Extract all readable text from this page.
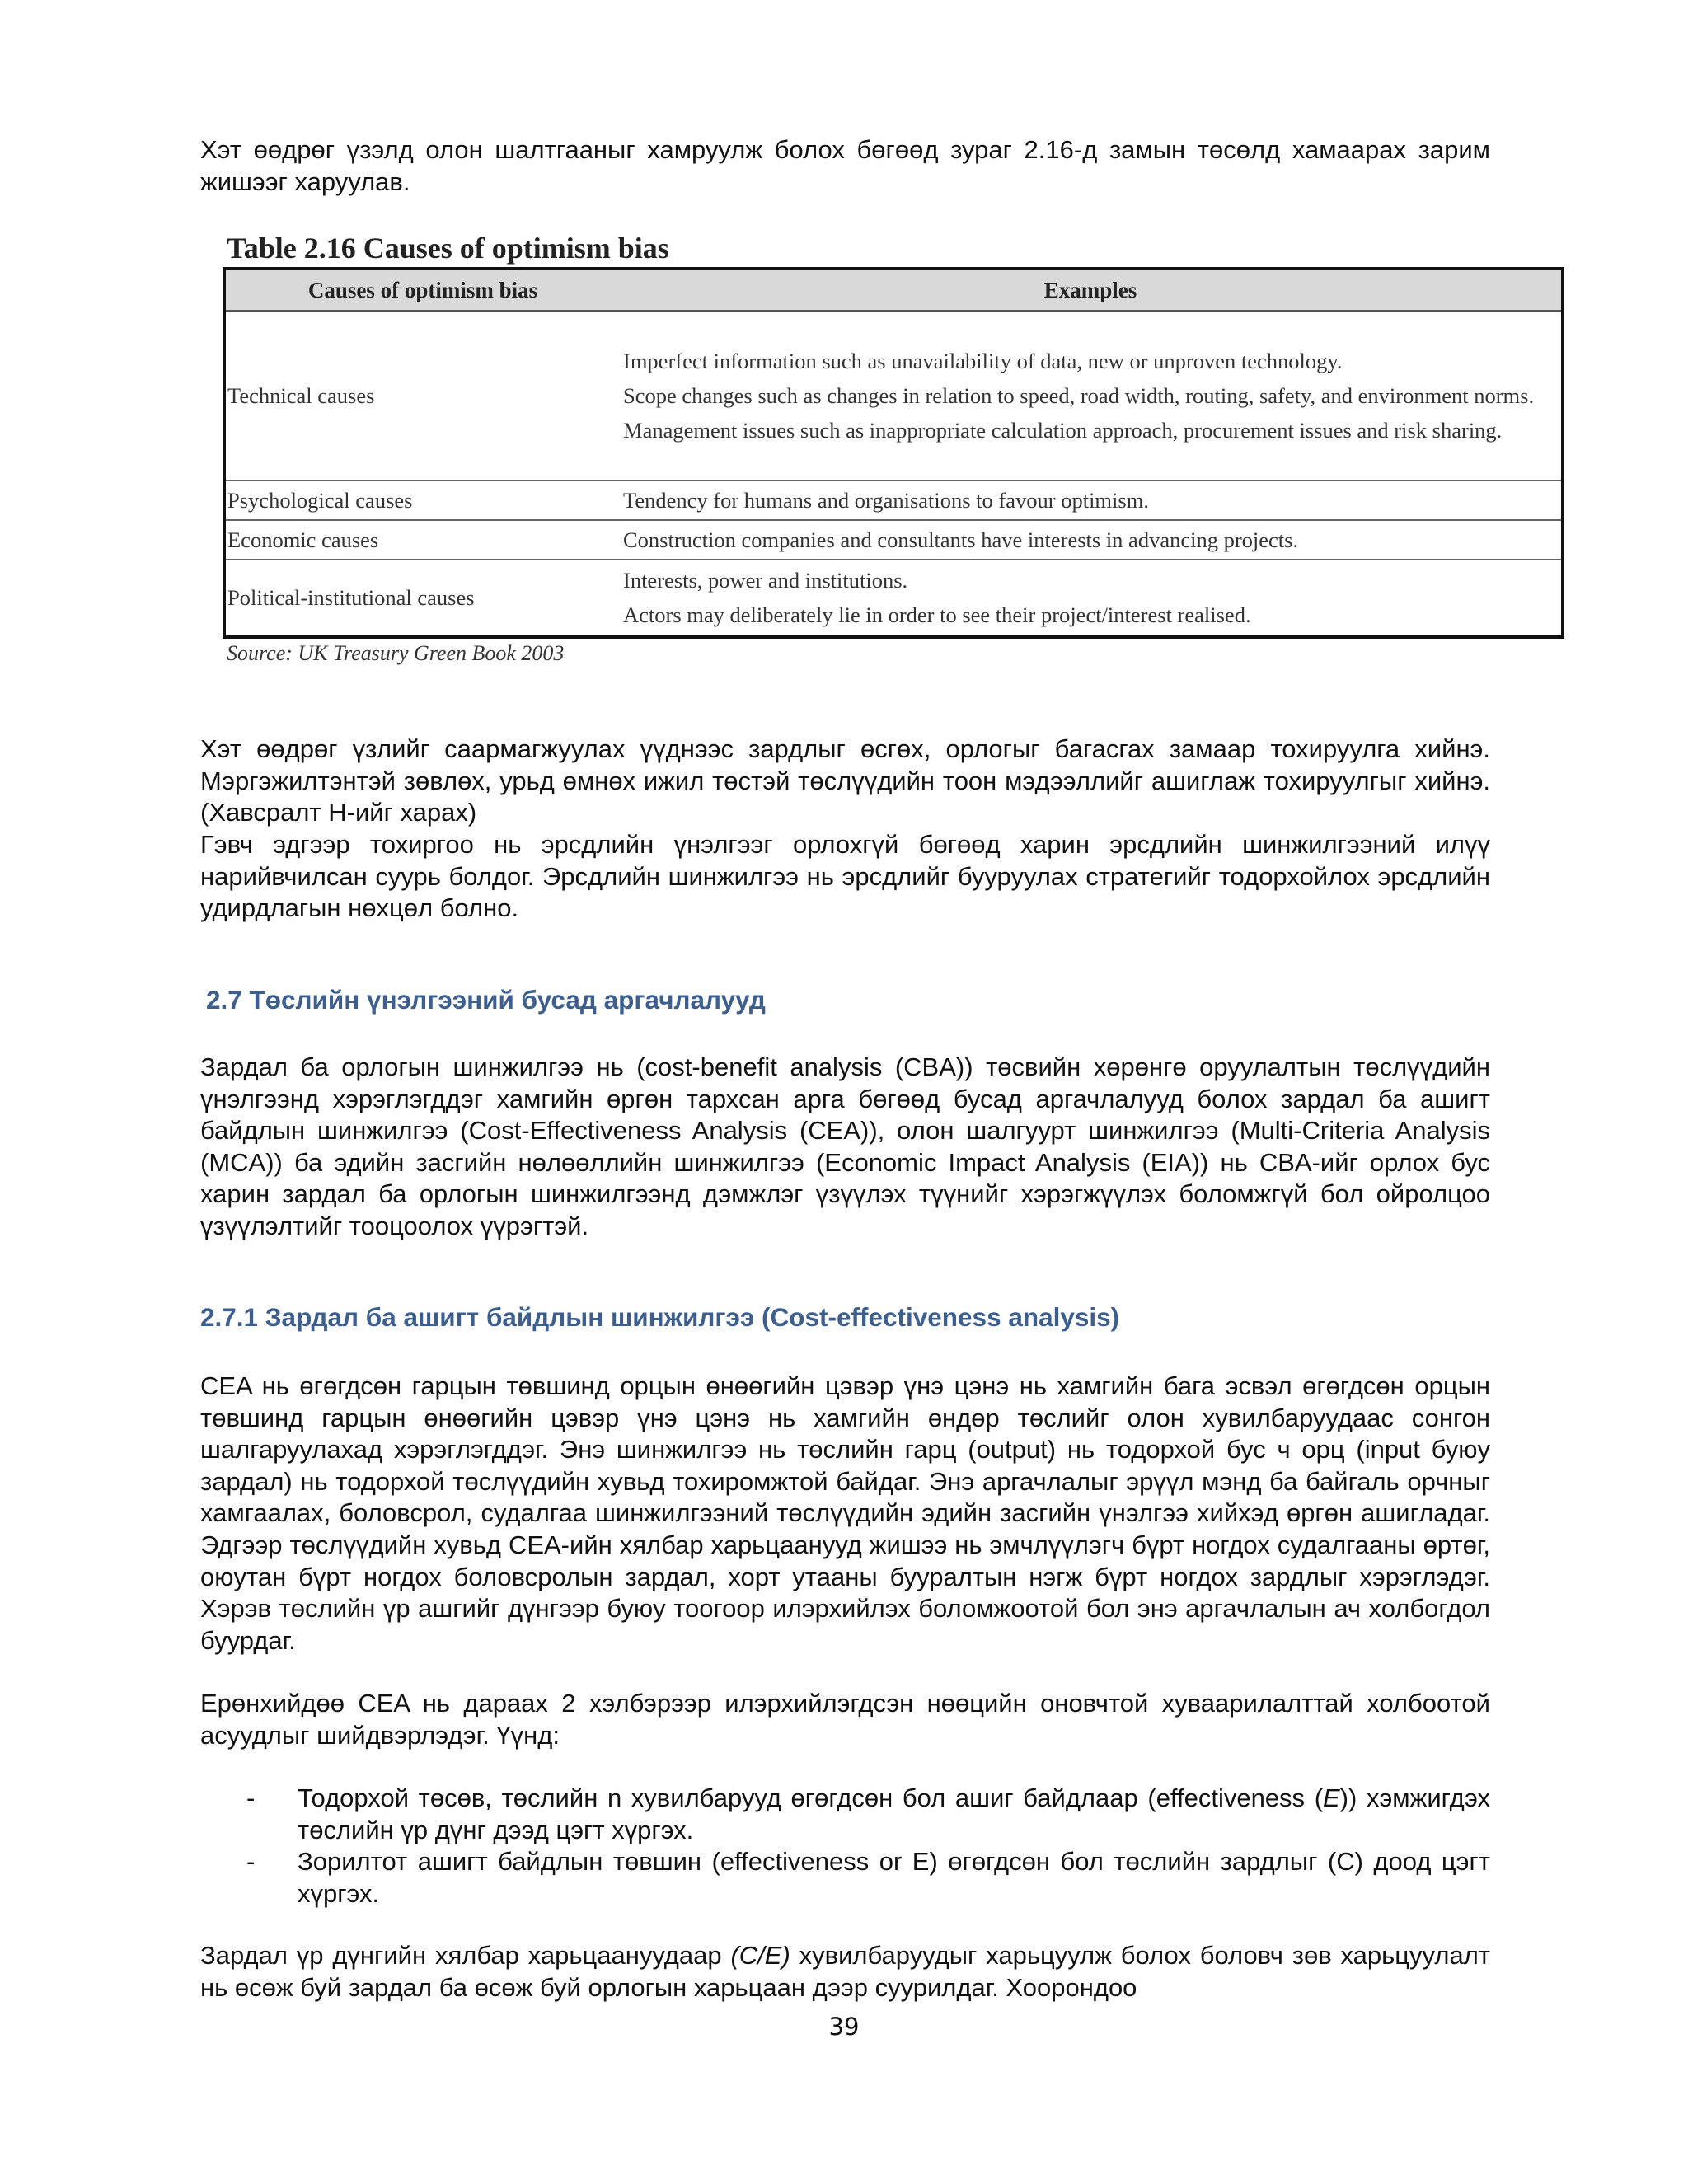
Хэт өөдрөг үзэлд олон шалтгааныг хамруулж болох бөгөөд зураг 2.16-д замын төсөлд хамаарах зарим жишээг харуулав.

Table 2.16 Causes of optimism bias

Causes of optimism bias	Examples
Technical causes	Imperfect information such as unavailability of data, new or unproven technology.

Scope changes such as changes in relation to speed, road width, routing, safety, and environment norms.

Management issues such as inappropriate calculation approach, procurement issues and risk sharing.

Psychological causes	Tendency for humans and organisations to favour optimism.

Economic causes	Construction companies and consultants have interests in advancing projects.

Political-institutional causes	Interests, power and institutions.

Actors may deliberately lie in order to see their project/interest realised.

Source: UK Treasury Green Book 2003

Хэт өөдрөг үзлийг саармагжуулах үүднээс зардлыг өсгөх, орлогыг багасгах замаар тохируулга хийнэ. Мэргэжилтэнтэй зөвлөх, урьд өмнөх ижил төстэй төслүүдийн тоон мэдээллийг ашиглаж тохируулгыг хийнэ. (Хавсралт Н-ийг харах)

Гэвч эдгээр тохиргоо нь эрсдлийн үнэлгээг орлохгүй бөгөөд харин эрсдлийн шинжилгээний илүү нарийвчилсан суурь болдог. Эрсдлийн шинжилгээ нь эрсдлийг бууруулах стратегийг тодорхойлох эрсдлийн удирдлагын нөхцөл болно.

2.7 Төслийн үнэлгээний бусад аргачлалууд

Зардал ба орлогын шинжилгээ нь (cost-benefit analysis (CBA)) төсвийн хөрөнгө оруулалтын төслүүдийн үнэлгээнд хэрэглэгддэг хамгийн өргөн тархсан арга бөгөөд бусад аргачлалууд болох зардал ба ашигт байдлын шинжилгээ (Cost-Effectiveness Analysis (CEA)), олон шалгуурт шинжилгээ (Multi-Criteria Analysis (MCA)) ба эдийн засгийн нөлөөллийн шинжилгээ (Economic Impact Analysis (EIA)) нь CBA-ийг орлох бус харин зардал ба орлогын шинжилгээнд дэмжлэг үзүүлэх түүнийг хэрэгжүүлэх боломжгүй бол ойролцоо үзүүлэлтийг тооцоолох үүрэгтэй.

2.7.1 Зардал ба ашигт байдлын шинжилгээ (Cost-effectiveness analysis)

CEA нь өгөгдсөн гарцын төвшинд орцын өнөөгийн цэвэр үнэ цэнэ нь хамгийн бага эсвэл өгөгдсөн орцын төвшинд гарцын өнөөгийн цэвэр үнэ цэнэ нь хамгийн өндөр төслийг олон хувилбаруудаас сонгон шалгаруулахад хэрэглэгддэг. Энэ шинжилгээ нь төслийн гарц (output) нь тодорхой бус ч орц (input буюу зардал) нь тодорхой төслүүдийн хувьд тохиромжтой байдаг. Энэ аргачлалыг эрүүл мэнд ба байгаль орчныг хамгаалах, боловсрол, судалгаа шинжилгээний төслүүдийн эдийн засгийн үнэлгээ хийхэд өргөн ашигладаг. Эдгээр төслүүдийн хувьд CEA-ийн хялбар харьцаанууд жишээ нь эмчлүүлэгч бүрт ногдох судалгааны өртөг, оюутан бүрт ногдох боловсролын зардал, хорт утааны бууралтын нэгж бүрт ногдох зардлыг хэрэглэдэг. Хэрэв төслийн үр ашгийг дүнгээр буюу тоогоор илэрхийлэх боломжоотой бол энэ аргачлалын ач холбогдол буурдаг.

Ерөнхийдөө CEA нь дараах 2 хэлбэрээр илэрхийлэгдсэн нөөцийн оновчтой хуваарилалттай холбоотой асуудлыг шийдвэрлэдэг. Үүнд:

- Тодорхой төсөв, төслийн n хувилбарууд өгөгдсөн бол ашиг байдлаар (effectiveness (E)) хэмжигдэх төслийн үр дүнг дээд цэгт хүргэх.
- Зорилтот ашигт байдлын төвшин (effectiveness or E) өгөгдсөн бол төслийн зардлыг (C) доод цэгт хүргэх.

Зардал үр дүнгийн хялбар харьцаануудаар (C/E) хувилбаруудыг харьцуулж болох боловч зөв харьцуулалт нь өсөж буй зардал ба өсөж буй орлогын харьцаан дээр суурилдаг. Хоорондоо

39
